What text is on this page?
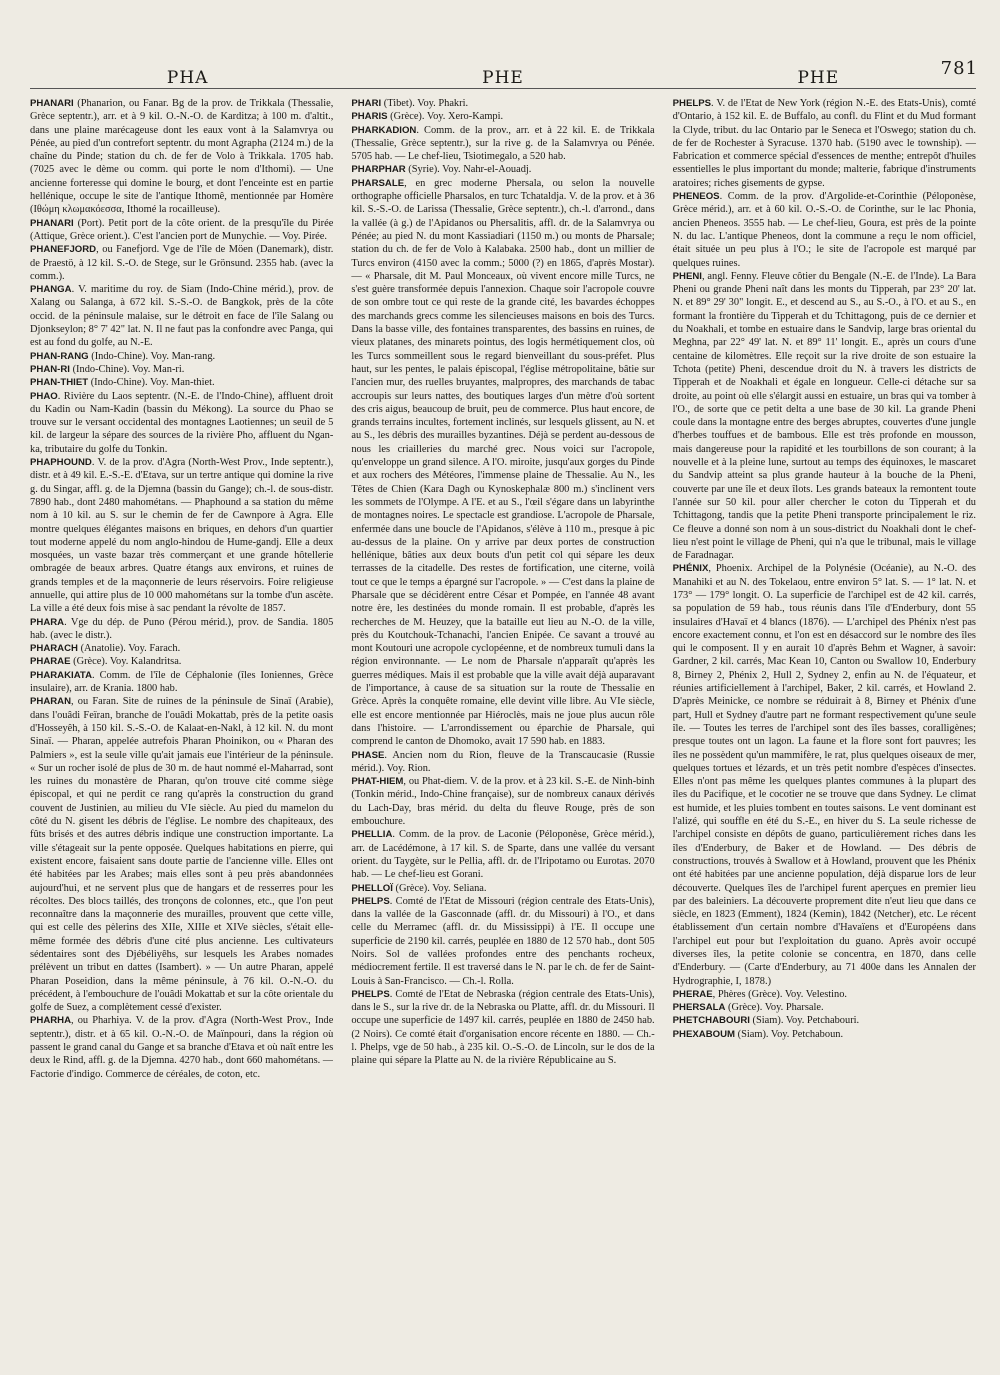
PHA	PHE	PHE	781

PHANARI (Phanarion, ou Fanar. Bg de la prov. de Trikkala (Thessalie, Grèce septentr.), arr. et à 9 kil. O.-N.-O. de Karditza; à 100 m. d'altit., dans une plaine marécageuse dont les eaux vont à la Salamvrya ou Pénée, au pied d'un contrefort septentr. du mont Agrapha (2124 m.) de la chaîne du Pinde; station du ch. de fer de Volo à Trikkala. 1705 hab. (7025 avec le dème ou comm. qui porte le nom d'Ithomi). — Une ancienne forteresse qui domine le bourg, et dont l'enceinte est en partie hellénique, occupe le site de l'antique Ithomê, mentionnée par Homère (Ιθώμη κλωμακόεσσα, Ithomé la rocailleuse).

PHANARI (Port). Petit port de la côte orient. de la presqu'île du Pirée (Attique, Grèce orient.). C'est l'ancien port de Munychie. — Voy. Pirée.

PHANEFJORD, ou Fanefjord. Vge de l'île de Möen (Danemark), distr. de Praestö, à 12 kil. S.-O. de Stege, sur le Grönsund. 2355 hab. (avec la comm.).

PHANGA. V. maritime du roy. de Siam (Indo-Chine mérid.), prov. de Xalang ou Salanga, à 672 kil. S.-S.-O. de Bangkok, près de la côte occid. de la péninsule malaise, sur le détroit en face de l'île Salang ou Djonkseylon; 8° 7' 42" lat. N. Il ne faut pas la confondre avec Panga, qui est au fond du golfe, au N.-E.

PHAN-RANG (Indo-Chine). Voy. Man-rang.

PHAN-RI (Indo-Chine). Voy. Man-ri.

PHAN-THIET (Indo-Chine). Voy. Man-thiet.

PHAO. Rivière du Laos septentr. (N.-E. de l'Indo-Chine), affluent droit du Kadin ou Nam-Kadin (bassin du Mékong). La source du Phao se trouve sur le versant occidental des montagnes Laotiennes; un seuil de 5 kil. de largeur la sépare des sources de la rivière Pho, affluent du Ngan-ka, tributaire du golfe du Tonkin.

PHAPHOUND. V. de la prov. d'Agra (North-West Prov., Inde septentr.), distr. et à 49 kil. E.-S.-E. d'Etava, sur un tertre antique qui domine la rive g. du Singar, affl. g. de la Djemna (bassin du Gange); ch.-l. de sous-distr. 7890 hab., dont 2480 mahométans. — Phaphound a sa station du même nom à 10 kil. au S. sur le chemin de fer de Cawnpore à Agra. Elle montre quelques élégantes maisons en briques, en dehors d'un quartier tout moderne appelé du nom anglo-hindou de Hume-gandj. Elle a deux mosquées, un vaste bazar très commerçant et une grande hôtellerie ombragée de beaux arbres. Quatre étangs aux environs, et ruines de grands temples et de la maçonnerie de leurs réservoirs. Foire religieuse annuelle, qui attire plus de 10 000 mahométans sur la tombe d'un ascète. La ville a été deux fois mise à sac pendant la révolte de 1857.

PHARA. Vge du dép. de Puno (Pérou mérid.), prov. de Sandia. 1805 hab. (avec le distr.).

PHARACH (Anatolie). Voy. Farach.

PHARAE (Grèce). Voy. Kalandritsa.

PHARAKIATA. Comm. de l'île de Céphalonie (îles Ioniennes, Grèce insulaire), arr. de Krania. 1800 hab.

PHARAN, ou Faran. Site de ruines de la péninsule de Sinaï (Arabie), dans l'ouâdi Feïran, branche de l'ouâdi Mokattab, près de la petite oasis d'Hosseyêh, à 150 kil. S.-S.-O. de Kalaat-en-Nakl, à 12 kil. N. du mont Sinaï. — Pharan, appelée autrefois Pharan Phoinikon, ou « Pharan des Palmiers », est la seule ville qu'ait jamais eue l'intérieur de la péninsule. « Sur un rocher isolé de plus de 30 m. de haut nommé el-Maharrad, sont les ruines du monastère de Pharan, qu'on trouve cité comme siège épiscopal, et qui ne perdit ce rang qu'après la construction du grand couvent de Justinien, au milieu du VIe siècle. Au pied du mamelon du côté du N. gisent les débris de l'église. Le nombre des chapiteaux, des fûts brisés et des autres débris indique une construction importante. La ville s'étageait sur la pente opposée. Quelques habitations en pierre, qui existent encore, faisaient sans doute partie de l'ancienne ville. Elles ont été habitées par les Arabes; mais elles sont à peu près abandonnées aujourd'hui, et ne servent plus que de hangars et de resserres pour les récoltes. Des blocs taillés, des tronçons de colonnes, etc., que l'on peut reconnaître dans la maçonnerie des murailles, prouvent que cette ville, qui est celle des pèlerins des XIIe, XIIIe et XIVe siècles, s'était elle-même formée des débris d'une cité plus ancienne. Les cultivateurs sédentaires sont des Djébéliyêhs, sur lesquels les Arabes nomades prélèvent un tribut en dattes (Isambert). » — Un autre Pharan, appelé Pharan Poseidion, dans la même péninsule, à 76 kil. O.-N.-O. du précédent, à l'embouchure de l'ouâdi Mokattab et sur la côte orientale du golfe de Suez, a complètement cessé d'exister.

PHARHA, ou Pharhiya. V. de la prov. d'Agra (North-West Prov., Inde septentr.), distr. et à 65 kil. O.-N.-O. de Maïnpouri, dans la région où passent le grand canal du Gange et sa branche d'Etava et où naît entre les deux le Rind, affl. g. de la Djemna. 4270 hab., dont 660 mahométans. — Factorie d'indigo. Commerce de céréales, de coton, etc.

PHARI (Tibet). Voy. Phakri.

PHARIS (Grèce). Voy. Xero-Kampi.

PHARKADION. Comm. de la prov., arr. et à 22 kil. E. de Trikkala (Thessalie, Grèce septentr.), sur la rive g. de la Salamvrya ou Pénée. 5705 hab. — Le chef-lieu, Tsiotimegalo, a 520 hab.

PHARPHAR (Syrie). Voy. Nahr-el-Aouadj.

PHARSALE, en grec moderne Phersala, ou selon la nouvelle orthographe officielle Pharsalos, en turc Tchataldja. V. de la prov. et à 36 kil. S.-S.-O. de Larissa (Thessalie, Grèce septentr.), ch.-l. d'arrond., dans la vallée (à g.) de l'Apidanos ou Phersalitis, affl. dr. de la Salamvrya ou Pénée; au pied N. du mont Kassiadiari (1150 m.) ou monts de Pharsale; station du ch. de fer de Volo à Kalabaka. 2500 hab., dont un millier de Turcs environ (4150 avec la comm.; 5000 (?) en 1865, d'après Mostar). — « Pharsale, dit M. Paul Monceaux, où vivent encore mille Turcs, ne s'est guère transformée depuis l'annexion. Chaque soir l'acropole couvre de son ombre tout ce qui reste de la grande cité, les bavardes échoppes des marchands grecs comme les silencieuses maisons en bois des Turcs. Dans la basse ville, des fontaines transparentes, des bassins en ruines, de vieux platanes, des minarets pointus, des logis hermétiquement clos, où les Turcs sommeillent sous le regard bienveillant du sous-préfet. Plus haut, sur les pentes, le palais épiscopal, l'église métropolitaine, bâtie sur l'ancien mur, des ruelles bruyantes, malpropres, des marchands de tabac accroupis sur leurs nattes, des boutiques larges d'un mètre d'où sortent des cris aigus, beaucoup de bruit, peu de commerce. Plus haut encore, de grands terrains incultes, fortement inclinés, sur lesquels glissent, au N. et au S., les débris des murailles byzantines. Déjà se perdent au-dessous de nous les criailleries du marché grec. Nous voici sur l'acropole, qu'enveloppe un grand silence. A l'O. miroite, jusqu'aux gorges du Pinde et aux rochers des Météores, l'immense plaine de Thessalie. Au N., les Têtes de Chien (Kara Dagh ou Kynoskephalæ 800 m.) s'inclinent vers les sommets de l'Olympe. A l'E. et au S., l'œil s'égare dans un labyrinthe de montagnes noires. Le spectacle est grandiose. L'acropole de Pharsale, enfermée dans une boucle de l'Apidanos, s'élève à 110 m., presque à pic au-dessus de la plaine. On y arrive par deux portes de construction hellénique, bâties aux deux bouts d'un petit col qui sépare les deux terrasses de la citadelle. Des restes de fortification, une citerne, voilà tout ce que le temps a épargné sur l'acropole. » — C'est dans la plaine de Pharsale que se décidèrent entre César et Pompée, en l'année 48 avant notre ère, les destinées du monde romain. Il est probable, d'après les recherches de M. Heuzey, que la bataille eut lieu au N.-O. de la ville, près du Koutchouk-Tchanachi, l'ancien Enipée. Ce savant a trouvé au mont Koutouri une acropole cyclopéenne, et de nombreux tumuli dans la région environnante. — Le nom de Pharsale n'apparaît qu'après les guerres médiques. Mais il est probable que la ville avait déjà auparavant de l'importance, à cause de sa situation sur la route de Thessalie en Grèce. Après la conquête romaine, elle devint ville libre. Au VIe siècle, elle est encore mentionnée par Hiéroclès, mais ne joue plus aucun rôle dans l'histoire. — L'arrondissement ou éparchie de Pharsale, qui comprend le canton de Dhomoko, avait 17 590 hab. en 1883.

PHASE. Ancien nom du Rion, fleuve de la Transcaucasie (Russie mérid.). Voy. Rion.

PHAT-HIEM, ou Phat-diem. V. de la prov. et à 23 kil. S.-E. de Ninh-binh (Tonkin mérid., Indo-Chine française), sur de nombreux canaux dérivés du Lach-Day, bras mérid. du delta du fleuve Rouge, près de son embouchure.

PHELLIA. Comm. de la prov. de Laconie (Péloponèse, Grèce mérid.), arr. de Lacédémone, à 17 kil. S. de Sparte, dans une vallée du versant orient. du Taygète, sur le Pellia, affl. dr. de l'Iripotamo ou Eurotas. 2070 hab. — Le chef-lieu est Gorani.

PHELLOÏ (Grèce). Voy. Seliana.

PHELPS. Comté de l'Etat de Missouri (région centrale des Etats-Unis), dans la vallée de la Gasconnade (affl. dr. du Missouri) à l'O., et dans celle du Merramec (affl. dr. du Mississippi) à l'E. Il occupe une superficie de 2190 kil. carrés, peuplée en 1880 de 12 570 hab., dont 505 Noirs. Sol de vallées profondes entre des penchants rocheux, médiocrement fertile. Il est traversé dans le N. par le ch. de fer de Saint-Louis à San-Francisco. — Ch.-l. Rolla.

PHELPS. Comté de l'Etat de Nebraska (région centrale des Etats-Unis), dans le S., sur la rive dr. de la Nebraska ou Platte, affl. dr. du Missouri. Il occupe une superficie de 1497 kil. carrés, peuplée en 1880 de 2450 hab. (2 Noirs). Ce comté était d'organisation encore récente en 1880. — Ch.-l. Phelps, vge de 50 hab., à 235 kil. O.-S.-O. de Lincoln, sur le dos de la plaine qui sépare la Platte au N. de la rivière Républicaine au S.

PHELPS. V. de l'Etat de New York (région N.-E. des Etats-Unis), comté d'Ontario, à 152 kil. E. de Buffalo, au confl. du Flint et du Mud formant la Clyde, tribut. du lac Ontario par le Seneca et l'Oswego; station du ch. de fer de Rochester à Syracuse. 1370 hab. (5190 avec le township). — Fabrication et commerce spécial d'essences de menthe; entrepôt d'huiles essentielles le plus important du monde; malterie, fabrique d'instruments aratoires; riches gisements de gypse.

PHENEOS. Comm. de la prov. d'Argolide-et-Corinthie (Péloponèse, Grèce mérid.), arr. et à 60 kil. O.-S.-O. de Corinthe, sur le lac Phonia, ancien Pheneos. 3555 hab. — Le chef-lieu, Goura, est près de la pointe N. du lac. L'antique Pheneos, dont la commune a reçu le nom officiel, était située un peu plus à l'O.; le site de l'acropole est marqué par quelques ruines.

PHENI, angl. Fenny. Fleuve côtier du Bengale (N.-E. de l'Inde). La Bara Pheni ou grande Pheni naît dans les monts du Tipperah, par 23° 20' lat. N. et 89° 29' 30" longit. E., et descend au S., au S.-O., à l'O. et au S., en formant la frontière du Tipperah et du Tchittagong, puis de ce dernier et du Noakhali, et tombe en estuaire dans le Sandvip, large bras oriental du Meghna, par 22° 49' lat. N. et 89° 11' longit. E., après un cours d'une centaine de kilomètres. Elle reçoit sur la rive droite de son estuaire la Tchota (petite) Pheni, descendue droit du N. à travers les districts de Tipperah et de Noakhali et égale en longueur. Celle-ci détache sur sa droite, au point où elle s'élargit aussi en estuaire, un bras qui va tomber à l'O., de sorte que ce petit delta a une base de 30 kil. La grande Pheni coule dans la montagne entre des berges abruptes, couvertes d'une jungle d'herbes touffues et de bambous. Elle est très profonde en mousson, mais dangereuse pour la rapidité et les tourbillons de son courant; à la nouvelle et à la pleine lune, surtout au temps des équinoxes, le mascaret du Sandvip atteint sa plus grande hauteur à la bouche de la Pheni, couverte par une île et deux îlots. Les grands bateaux la remontent toute l'année sur 50 kil. pour aller chercher le coton du Tipperah et du Tchittagong, tandis que la petite Pheni transporte principalement le riz. Ce fleuve a donné son nom à un sous-district du Noakhali dont le chef-lieu n'est point le village de Pheni, qui n'a que le tribunal, mais le village de Faradnagar.

PHÉNIX, Phoenix. Archipel de la Polynésie (Océanie), au N.-O. des Manahiki et au N. des Tokelaou, entre environ 5° lat. S. — 1° lat. N. et 173° — 179° longit. O. La superficie de l'archipel est de 42 kil. carrés, sa population de 59 hab., tous réunis dans l'île d'Enderbury, dont 55 insulaires d'Havaï et 4 blancs (1876). — L'archipel des Phénix n'est pas encore exactement connu, et l'on est en désaccord sur le nombre des îles qui le composent. Il y en aurait 10 d'après Behm et Wagner, à savoir: Gardner, 2 kil. carrés, Mac Kean 10, Canton ou Swallow 10, Enderbury 8, Birney 2, Phénix 2, Hull 2, Sydney 2, enfin au N. de l'équateur, et réunies artificiellement à l'archipel, Baker, 2 kil. carrés, et Howland 2. D'après Meinicke, ce nombre se réduirait à 8, Birney et Phénix d'une part, Hull et Sydney d'autre part ne formant respectivement qu'une seule île. — Toutes les terres de l'archipel sont des îles basses, coralligènes; presque toutes ont un lagon. La faune et la flore sont fort pauvres; les îles ne possèdent qu'un mammifère, le rat, plus quelques oiseaux de mer, quelques tortues et lézards, et un très petit nombre d'espèces d'insectes. Elles n'ont pas même les quelques plantes communes à la plupart des îles du Pacifique, et le cocotier ne se trouve que dans Sydney. Le climat est humide, et les pluies tombent en toutes saisons. Le vent dominant est l'alizé, qui souffle en été du S.-E., en hiver du S. La seule richesse de l'archipel consiste en dépôts de guano, particulièrement riches dans les îles d'Enderbury, de Baker et de Howland. — Des débris de constructions, trouvés à Swallow et à Howland, prouvent que les Phénix ont été habitées par une ancienne population, déjà disparue lors de leur découverte. Quelques îles de l'archipel furent aperçues en premier lieu par des baleiniers. La découverte proprement dite n'eut lieu que dans ce siècle, en 1823 (Emment), 1824 (Kemin), 1842 (Netcher), etc. Le récent établissement d'un certain nombre d'Havaïens et d'Européens dans l'archipel eut pour but l'exploitation du guano. Après avoir occupé diverses îles, la petite colonie se concentra, en 1870, dans celle d'Enderbury. — (Carte d'Enderbury, au 71 400e dans les Annalen der Hydrographie, I, 1878.)

PHERAE, Phères (Grèce). Voy. Velestino.

PHERSALA (Grèce). Voy. Pharsale.

PHETCHABOURI (Siam). Voy. Petchabouri.

PHEXABOUM (Siam). Voy. Petchaboun.
